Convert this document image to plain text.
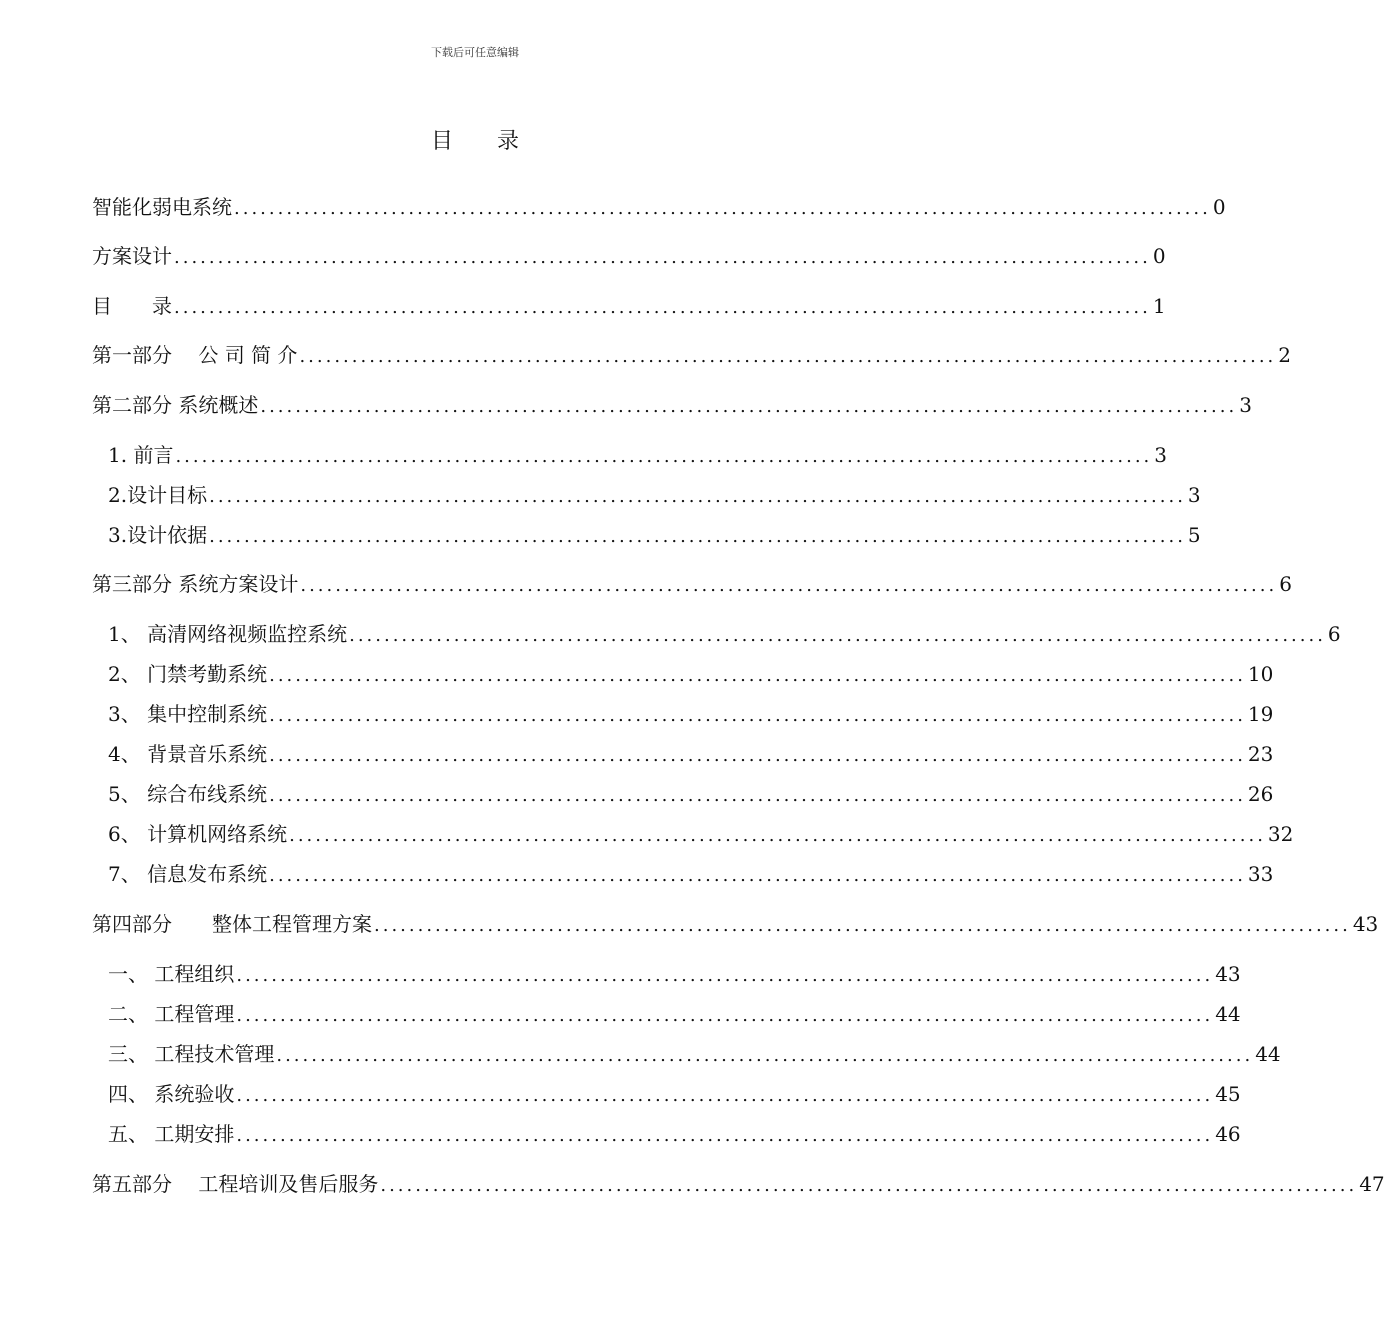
下载后可任意编辑
目 录
智能化弱电系统 ................................................................................................................ 0
方案设计 ................................................................................................................ 0
目　　录 ................................................................................................................ 1
第一部分　 公 司 简 介 ................................................................................................................ 2
第二部分 系统概述 ................................................................................................................ 3
1. 前言 ................................................................................................................ 3
2.设计目标 ................................................................................................................ 3
3.设计依据 ................................................................................................................ 5
第三部分 系统方案设计 ................................................................................................................ 6
1、 高清网络视频监控系统 ................................................................................................................ 6
2、 门禁考勤系统 ................................................................................................................ 10
3、 集中控制系统 ................................................................................................................ 19
4、 背景音乐系统 ................................................................................................................ 23
5、 综合布线系统 ................................................................................................................ 26
6、 计算机网络系统 ................................................................................................................ 32
7、 信息发布系统 ................................................................................................................ 33
第四部分　　整体工程管理方案 ................................................................................................................ 43
一、 工程组织 ................................................................................................................ 43
二、 工程管理 ................................................................................................................ 44
三、 工程技术管理 ................................................................................................................ 44
四、 系统验收 ................................................................................................................ 45
五、 工期安排 ................................................................................................................ 46
第五部分　 工程培训及售后服务 ................................................................................................................ 47
